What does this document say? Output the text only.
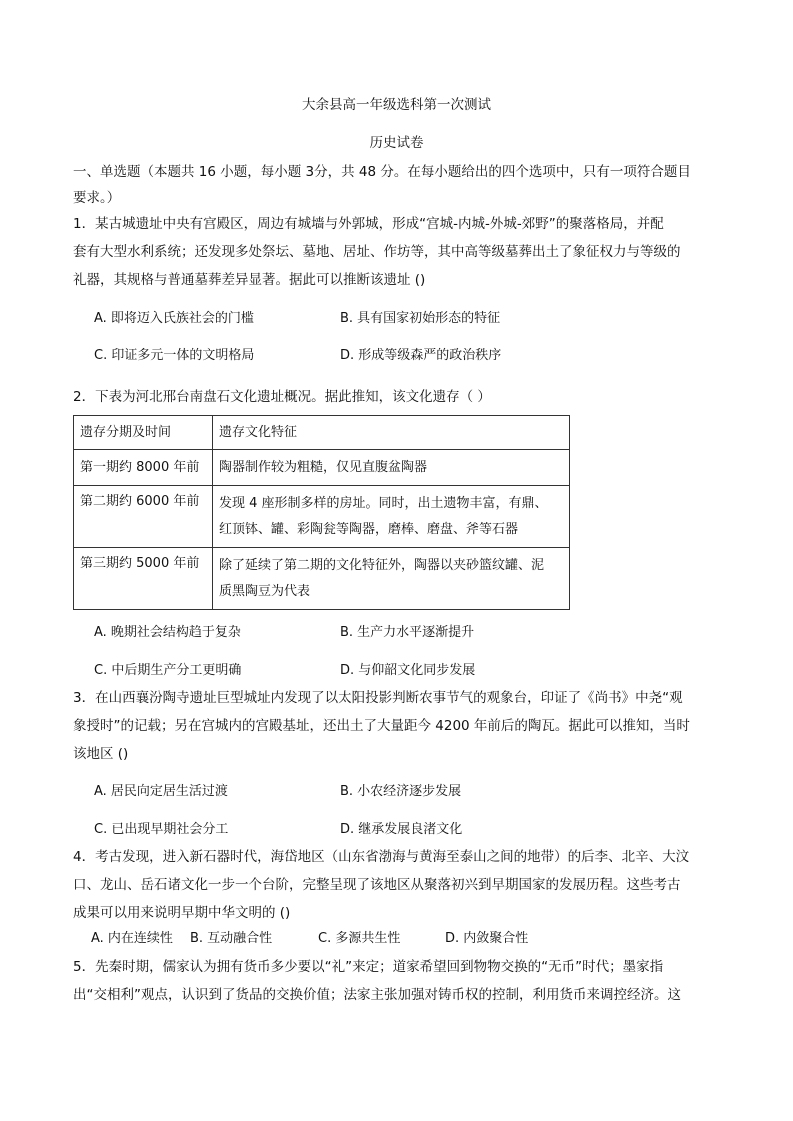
大余县高一年级选科第一次测试
历史试卷
一、单选题（本题共 16 小题，每小题 3分，共 48 分。在每小题给出的四个选项中，只有一项符合题目
要求。）
1．某古城遗址中央有宫殿区，周边有城墙与外郭城，形成“宫城-内城-外城-郊野”的聚落格局，并配
套有大型水利系统；还发现多处祭坛、墓地、居址、作坊等，其中高等级墓葬出土了象征权力与等级的
礼器，其规格与普通墓葬差异显著。据此可以推断该遗址 ()
A. 即将迈入氏族社会的门槛	B. 具有国家初始形态的特征
C. 印证多元一体的文明格局	D. 形成等级森严的政治秩序
2．下表为河北邢台南盘石文化遗址概况。据此推知，该文化遗存（ ）
遗存分期及时间	遗存文化特征
第一期约 8000 年前	陶器制作较为粗糙，仅见直腹盆陶器
第二期约 6000 年前	发现 4 座形制多样的房址。同时，出土遗物丰富，有鼎、
红顶钵、罐、彩陶瓮等陶器，磨棒、磨盘、斧等石器

第三期约 5000 年前	除了延续了第二期的文化特征外，陶器以夹砂篮纹罐、泥
质黑陶豆为代表
A. 晚期社会结构趋于复杂	B. 生产力水平逐渐提升
C. 中后期生产分工更明确	D. 与仰韶文化同步发展
3．在山西襄汾陶寺遗址巨型城址内发现了以太阳投影判断农事节气的观象台，印证了《尚书》中尧“观
象授时”的记载；另在宫城内的宫殿基址，还出土了大量距今 4200 年前后的陶瓦。据此可以推知，当时
该地区 ()
A. 居民向定居生活过渡	B. 小农经济逐步发展
C. 已出现早期社会分工	D. 继承发展良渚文化
4．考古发现，进入新石器时代，海岱地区（山东省渤海与黄海至泰山之间的地带）的后李、北辛、大汶
口、龙山、岳石诸文化一步一个台阶，完整呈现了该地区从聚落初兴到早期国家的发展历程。这些考古
成果可以用来说明早期中华文明的 ()
A. 内在连续性 B. 互动融合性	C. 多源共生性	D. 内敛聚合性
5．先秦时期，儒家认为拥有货币多少要以“礼”来定；道家希望回到物物交换的“无币”时代；墨家指
出“交相利”观点，认识到了货品的交换价值；法家主张加强对铸币权的控制，利用货币来调控经济。这
